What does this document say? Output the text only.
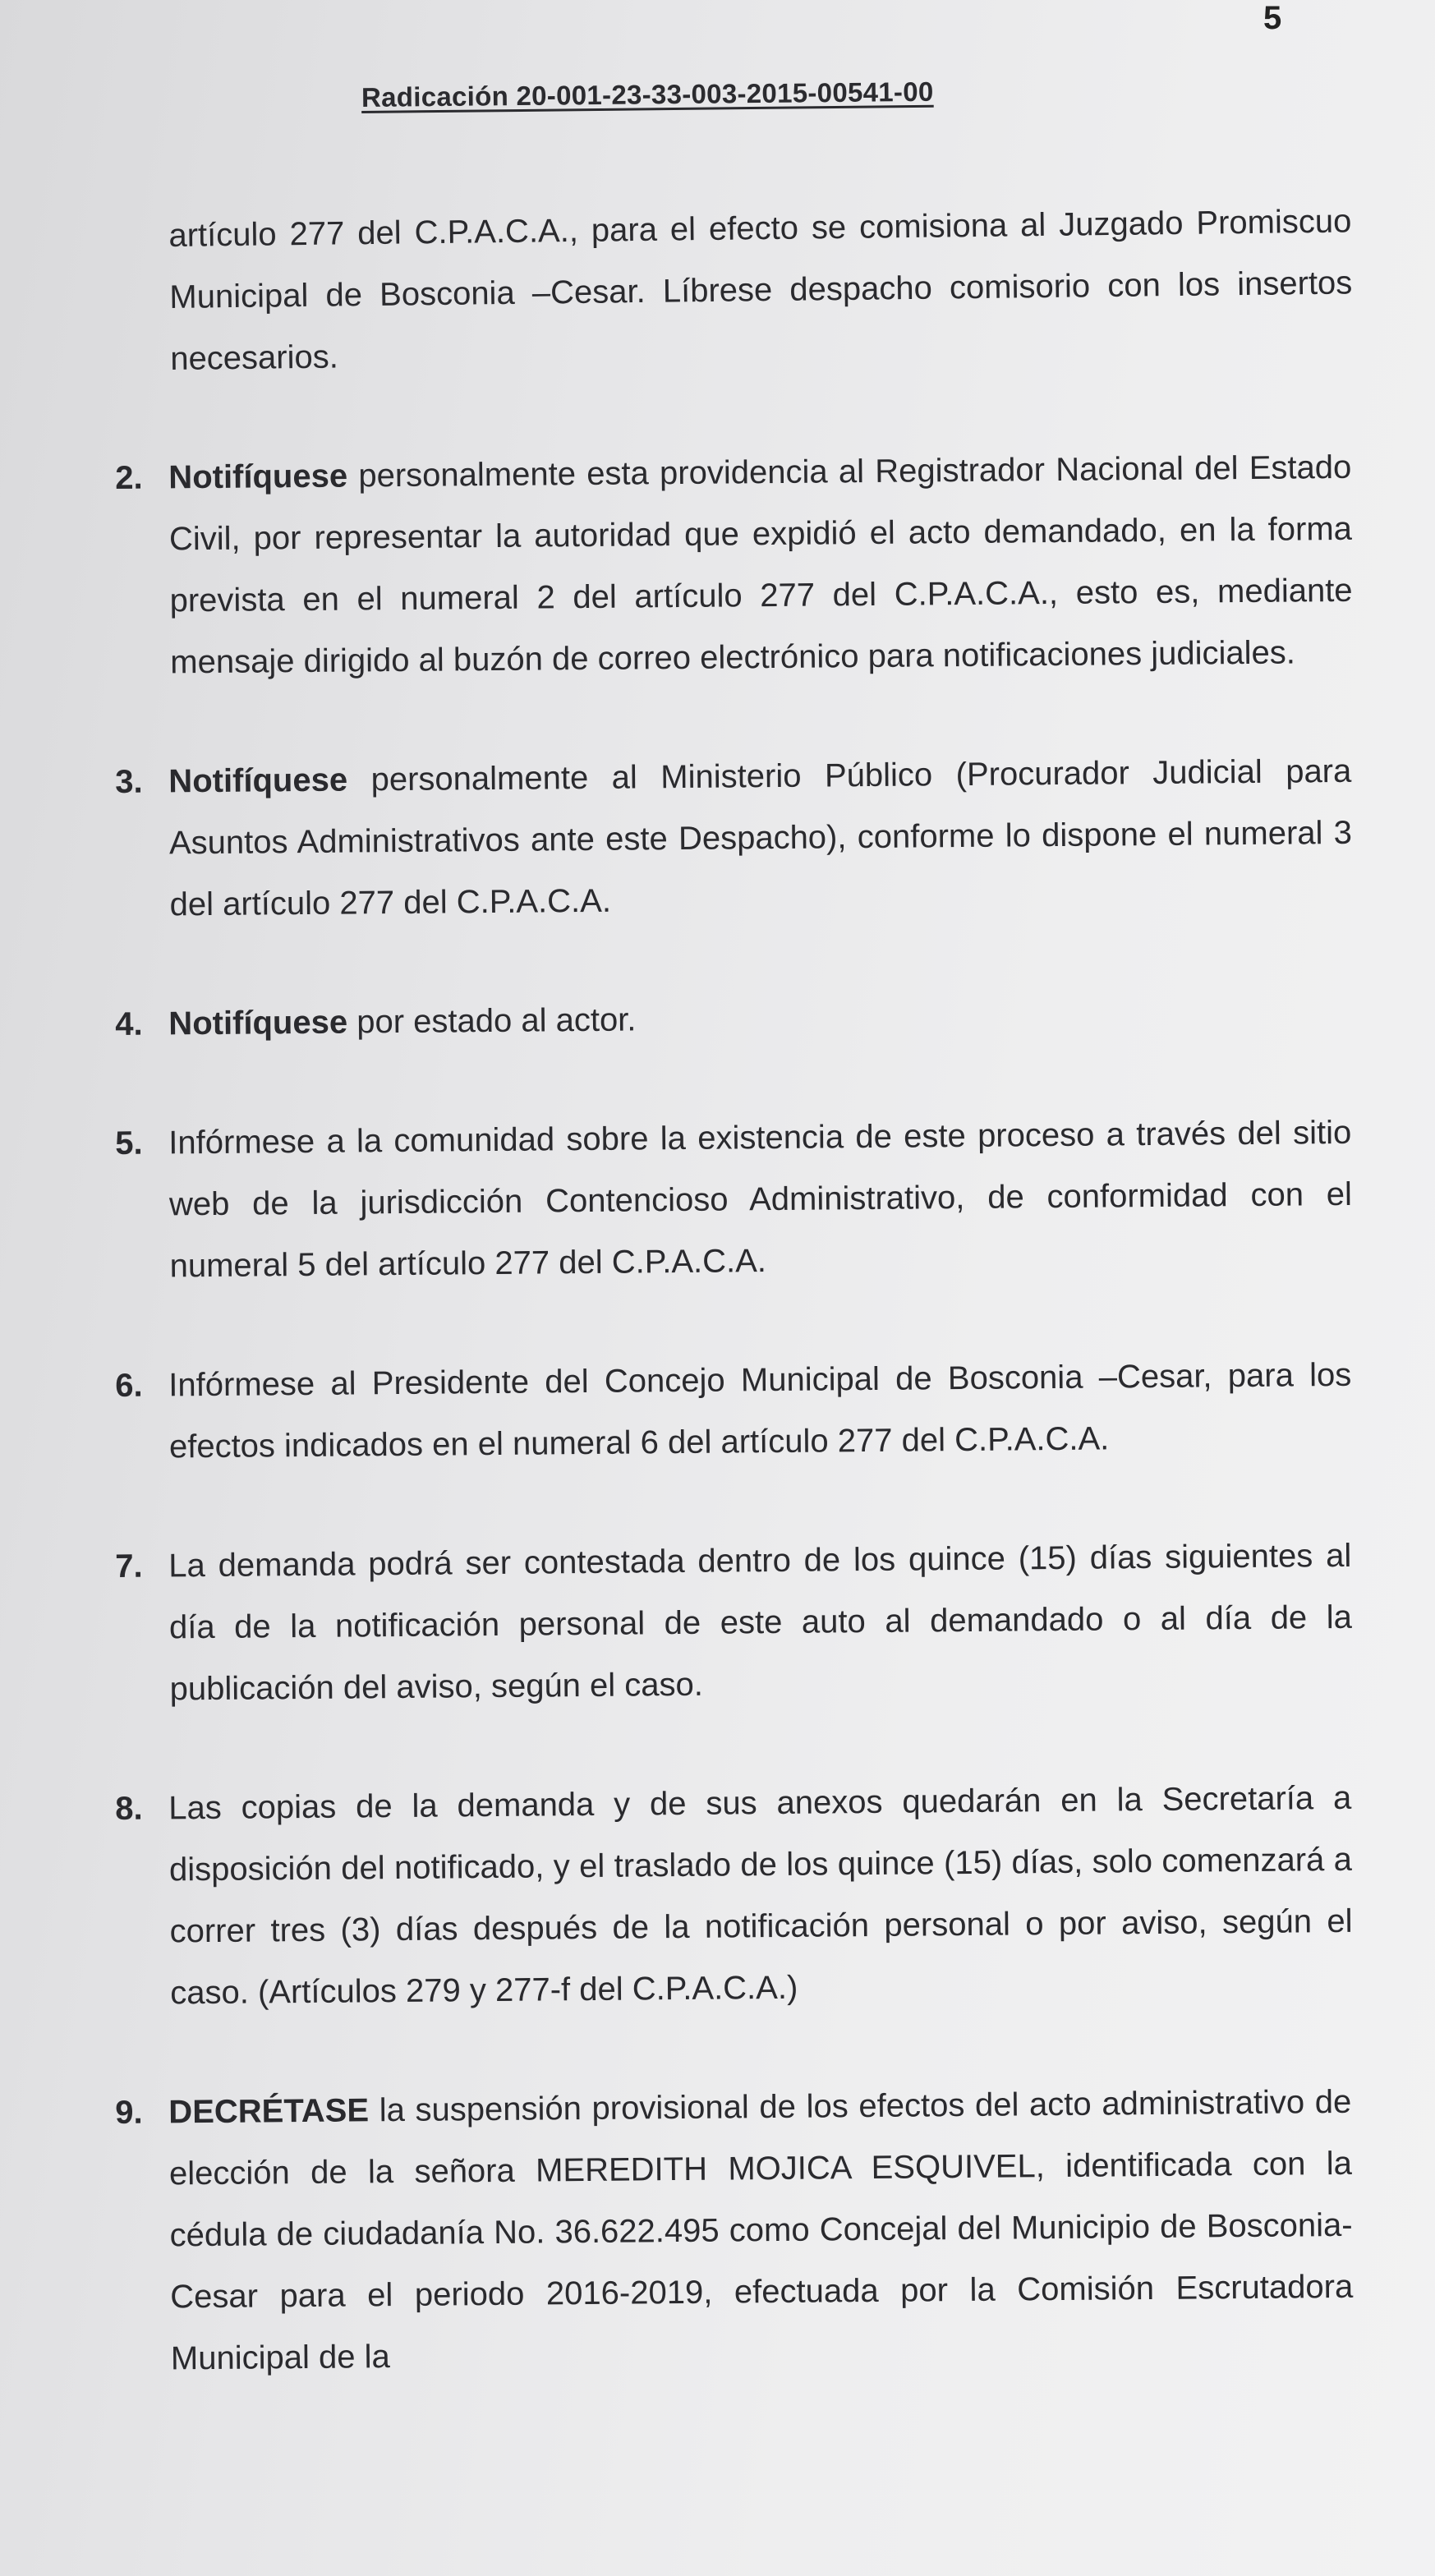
5
Radicación 20-001-23-33-003-2015-00541-00

artículo 277 del C.P.A.C.A., para el efecto se comisiona al Juzgado Promiscuo Municipal de Bosconia –Cesar. Líbrese despacho comisorio con los insertos necesarios.

2. Notifíquese personalmente esta providencia al Registrador Nacional del Estado Civil, por representar la autoridad que expidió el acto demandado, en la forma prevista en el numeral 2 del artículo 277 del C.P.A.C.A., esto es, mediante mensaje dirigido al buzón de correo electrónico para notificaciones judiciales.

3. Notifíquese personalmente al Ministerio Público (Procurador Judicial para Asuntos Administrativos ante este Despacho), conforme lo dispone el numeral 3 del artículo 277 del C.P.A.C.A.

4. Notifíquese por estado al actor.

5. Infórmese a la comunidad sobre la existencia de este proceso a través del sitio web de la jurisdicción Contencioso Administrativo, de conformidad con el numeral 5 del artículo 277 del C.P.A.C.A.

6. Infórmese al Presidente del Concejo Municipal de Bosconia –Cesar, para los efectos indicados en el numeral 6 del artículo 277 del C.P.A.C.A.

7. La demanda podrá ser contestada dentro de los quince (15) días siguientes al día de la notificación personal de este auto al demandado o al día de la publicación del aviso, según el caso.

8. Las copias de la demanda y de sus anexos quedarán en la Secretaría a disposición del notificado, y el traslado de los quince (15) días, solo comenzará a correr tres (3) días después de la notificación personal o por aviso, según el caso. (Artículos 279 y 277-f del C.P.A.C.A.)

9. DECRÉTASE la suspensión provisional de los efectos del acto administrativo de elección de la señora MEREDITH MOJICA ESQUIVEL, identificada con la cédula de ciudadanía No. 36.622.495 como Concejal del Municipio de Bosconia-Cesar para el periodo 2016-2019, efectuada por la Comisión Escrutadora Municipal de la
